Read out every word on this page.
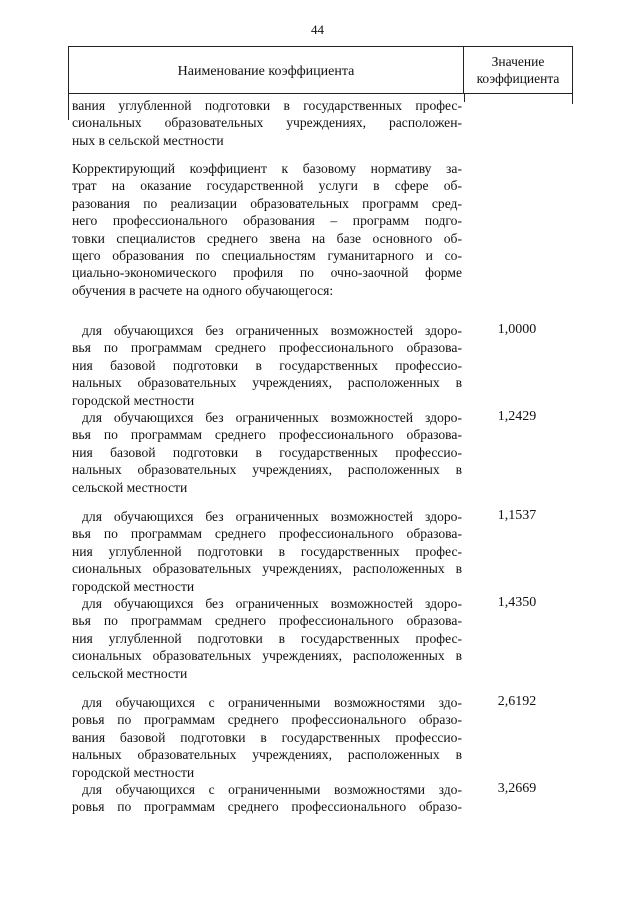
44
Наименование коэффициента
Значение
коэффициента
вания углубленной подготовки в государственных профес-
сиональных образовательных учреждениях, расположен-
ных в сельской местности
Корректирующий коэффициент к базовому нормативу за-
трат на оказание государственной услуги в сфере об-
разования по реализации образовательных программ сред-
него профессионального образования – программ подго-
товки специалистов среднего звена на базе основного об-
щего образования по специальностям гуманитарного и со-
циально-экономического профиля по очно-заочной форме
обучения в расчете на одного обучающегося:
для обучающихся без ограниченных возможностей здоро-
вья по программам среднего профессионального образова-
ния базовой подготовки в государственных профессио-
нальных образовательных учреждениях, расположенных в
городской местности
1,0000
для обучающихся без ограниченных возможностей здоро-
вья по программам среднего профессионального образова-
ния базовой подготовки в государственных профессио-
нальных образовательных учреждениях, расположенных в
сельской местности
1,2429
для обучающихся без ограниченных возможностей здоро-
вья по программам среднего профессионального образова-
ния углубленной подготовки в государственных профес-
сиональных образовательных учреждениях, расположенных в
городской местности
1,1537
для обучающихся без ограниченных возможностей здоро-
вья по программам среднего профессионального образова-
ния углубленной подготовки в государственных профес-
сиональных образовательных учреждениях, расположенных в
сельской местности
1,4350
для обучающихся с ограниченными возможностями здо-
ровья по программам среднего профессионального образо-
вания базовой подготовки в государственных профессио-
нальных образовательных учреждениях, расположенных в
городской местности
2,6192
для обучающихся с ограниченными возможностями здо-
ровья по программам среднего профессионального образо-
3,2669
